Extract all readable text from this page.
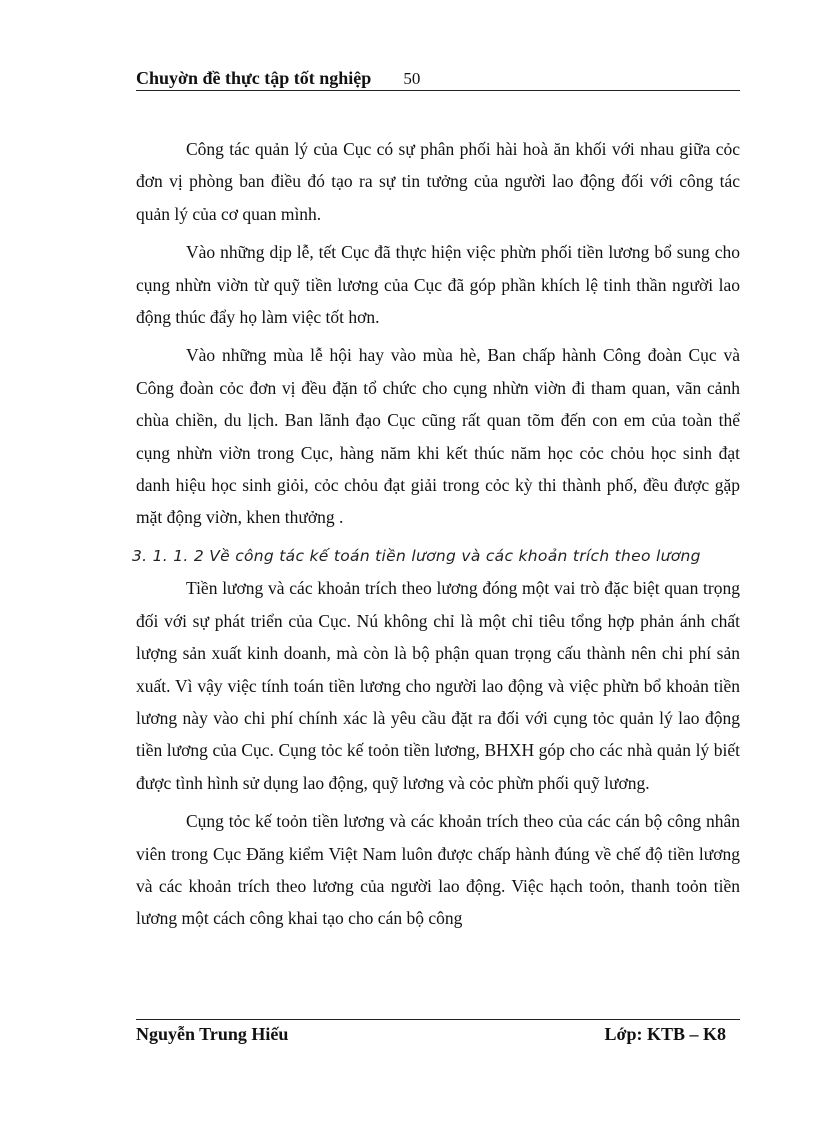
Chuyờn đề thực tập tốt nghiệp 50

Công tác quản lý của Cục có sự phân phối hài hoà ăn khối với nhau giữa cỏc đơn vị phòng ban điều đó tạo ra sự tin tưởng của người lao động đối với công tác quản lý của cơ quan mình.

Vào những dịp lễ, tết Cục đã thực hiện việc phừn phối tiền lương bổ sung cho cụng nhừn viờn từ quỹ tiền lương của Cục đã góp phần khích lệ tinh thần người lao động thúc đẩy họ làm việc tốt hơn.

Vào những mùa lễ hội hay vào mùa hè, Ban chấp hành Công đoàn Cục và Công đoàn cỏc đơn vị đều đặn tổ chức cho cụng nhừn viờn đi tham quan, vãn cảnh chùa chiền, du lịch. Ban lãnh đạo Cục cũng rất quan tõm đến con em của toàn thể cụng nhừn viờn trong Cục, hàng năm khi kết thúc năm học cỏc chỏu học sinh đạt danh hiệu học sinh giỏi, cỏc chỏu đạt giải trong cỏc kỳ thi thành phố, đều được gặp mặt động viờn, khen thưởng .

3. 1. 1. 2 Về công tác kế toán tiền lương và các khoản trích theo lương

Tiền lương và các khoản trích theo lương đóng một vai trò đặc biệt quan trọng đối với sự phát triển của Cục. Nú không chỉ là một chỉ tiêu tổng hợp phản ánh chất lượng sản xuất kinh doanh, mà còn là bộ phận quan trọng cấu thành nên chi phí sản xuất. Vì vậy việc tính toán tiền lương cho người lao động và việc phừn bổ khoản tiền lương này vào chi phí chính xác là yêu cầu đặt ra đối với cụng tỏc quản lý lao động tiền lương của Cục. Cụng tỏc kế toỏn tiền lương, BHXH góp cho các nhà quản lý biết được tình hình sử dụng lao động, quỹ lương và cỏc phừn phối quỹ lương.

Cụng tỏc kế toỏn tiền lương và các khoản trích theo của các cán bộ công nhân viên trong Cục Đăng kiểm Việt Nam luôn được chấp hành đúng về chế độ tiền lương và các khoản trích theo lương của người lao động. Việc hạch toỏn, thanh toỏn tiền lương một cách công khai tạo cho cán bộ công

Nguyễn Trung Hiếu	Lớp: KTB – K8
